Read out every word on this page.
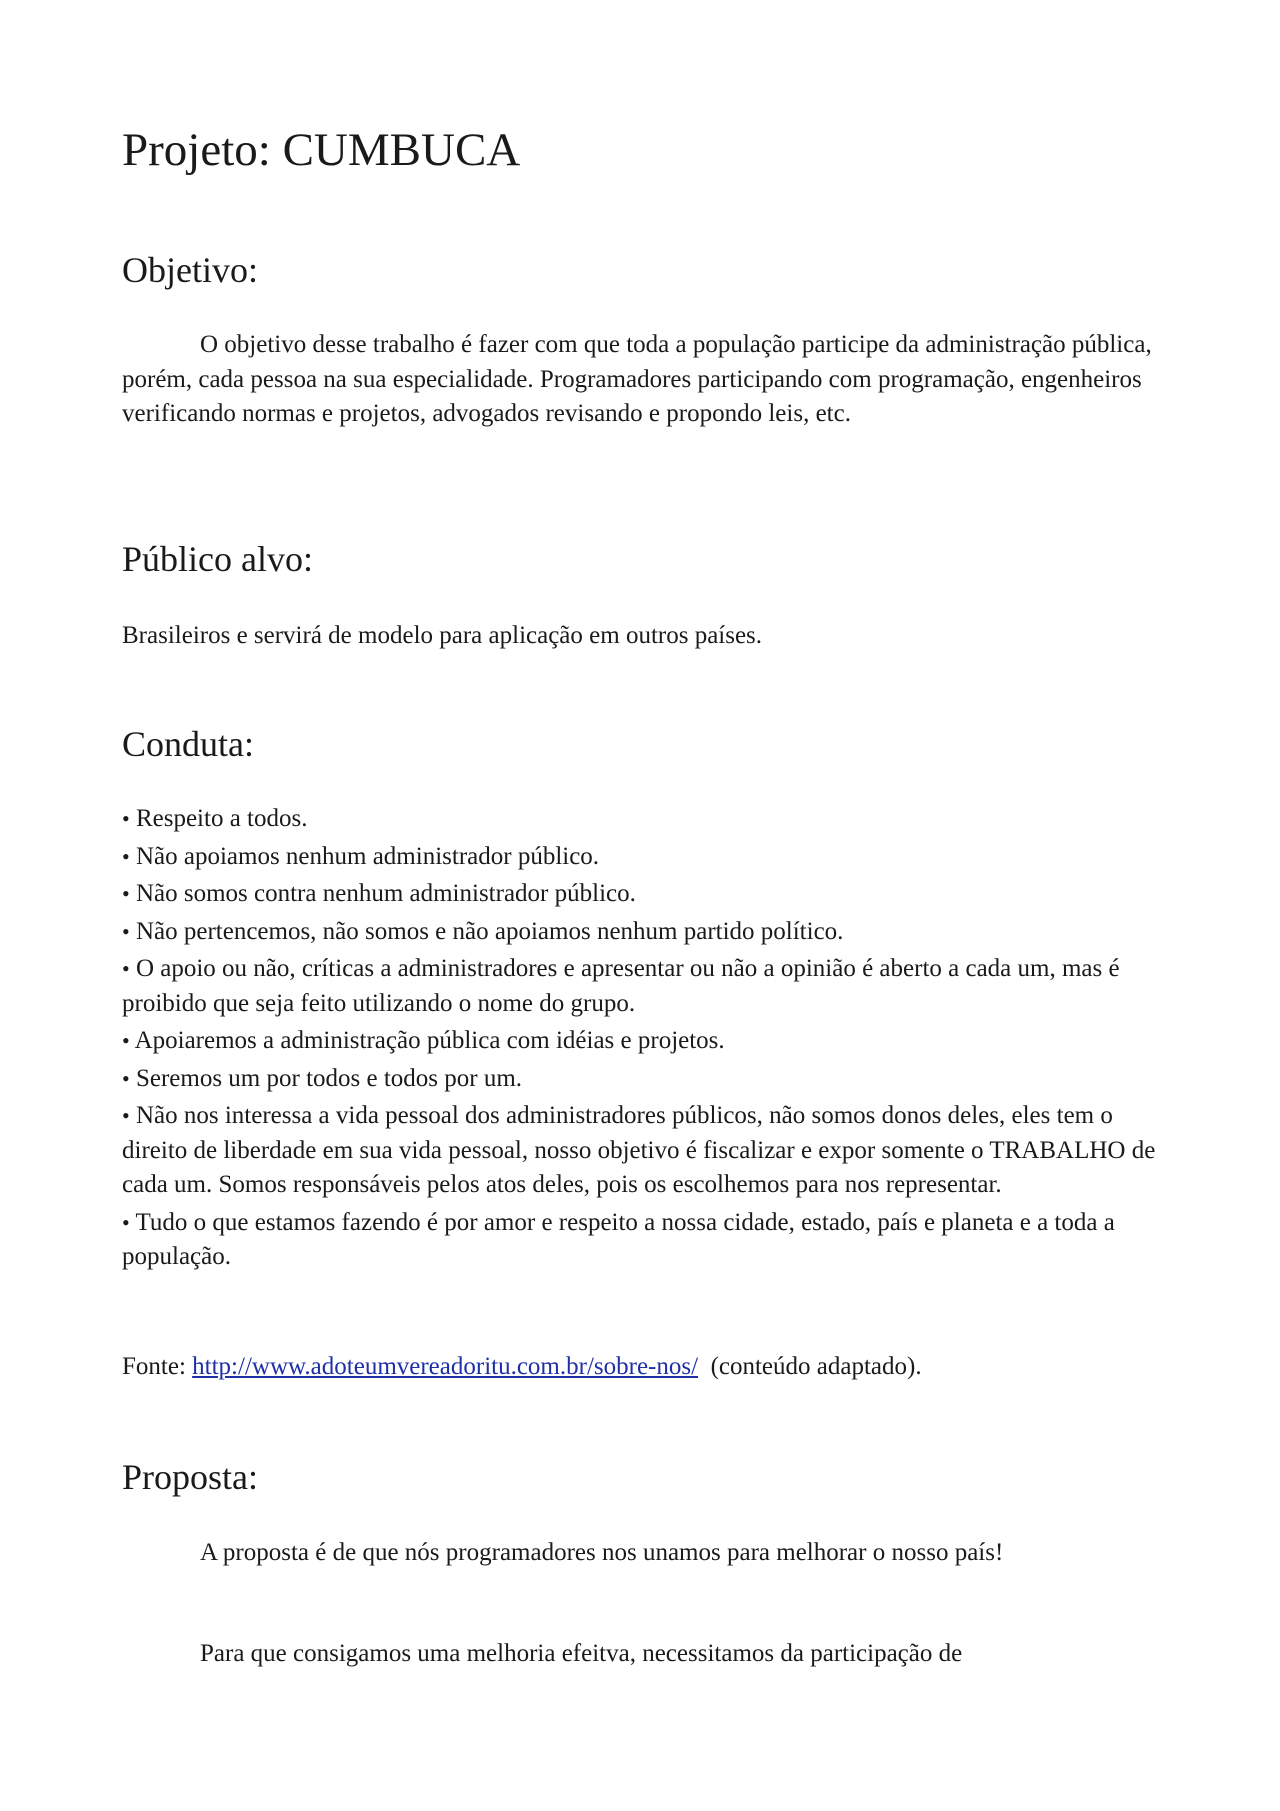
Projeto: CUMBUCA
Objetivo:

O objetivo desse trabalho é fazer com que toda a população participe da administração pública, porém, cada pessoa na sua especialidade. Programadores participando com programação, engenheiros verificando normas e projetos, advogados revisando e propondo leis, etc.

Público alvo:

Brasileiros e servirá de modelo para aplicação em outros países.

Conduta:
• Respeito a todos.
• Não apoiamos nenhum administrador público.
• Não somos contra nenhum administrador público.
• Não pertencemos, não somos e não apoiamos nenhum partido político.
• O apoio ou não, críticas a administradores e apresentar ou não a opinião é aberto a cada um, mas é proibido que seja feito utilizando o nome do grupo.
• Apoiaremos a administração pública com idéias e projetos.
• Seremos um por todos e todos por um.
• Não nos interessa a vida pessoal dos administradores públicos, não somos donos deles, eles tem o direito de liberdade em sua vida pessoal, nosso objetivo é fiscalizar e expor somente o TRABALHO de cada um. Somos responsáveis pelos atos deles, pois os escolhemos para nos representar.
• Tudo o que estamos fazendo é por amor e respeito a nossa cidade, estado, país e planeta e a toda a população.

Fonte: http://www.adoteumvereadoritu.com.br/sobre-nos/ (conteúdo adaptado).

Proposta:

A proposta é de que nós programadores nos unamos para melhorar o nosso país!

Para que consigamos uma melhoria efeitva, necessitamos da participação de
